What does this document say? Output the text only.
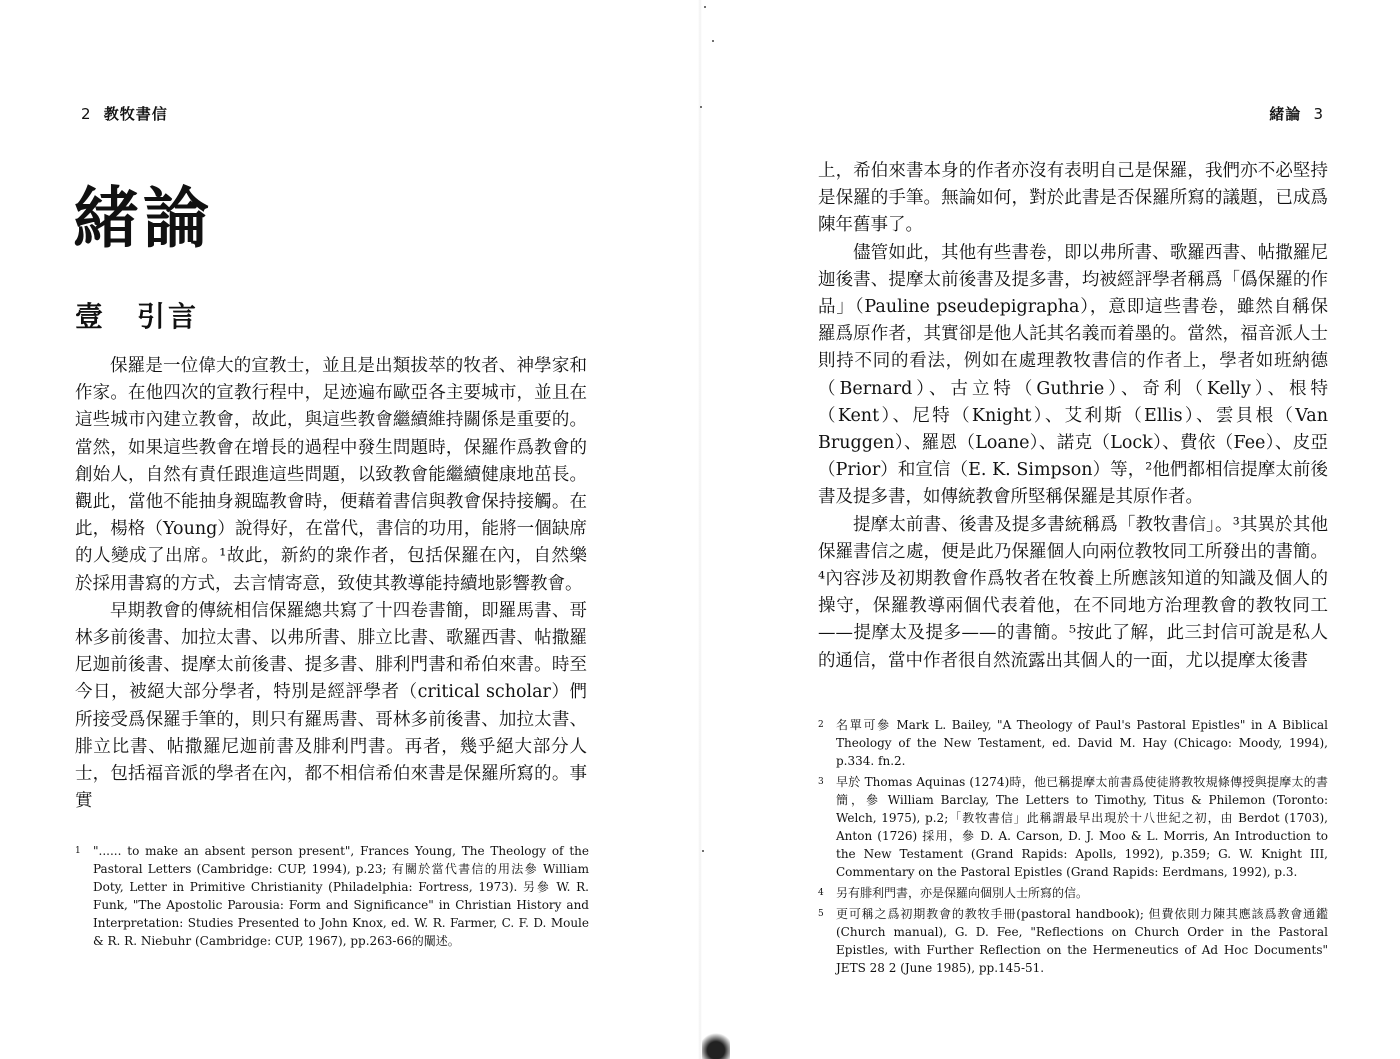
2 教牧書信
緒論
壹　引言

保羅是一位偉大的宣教士，並且是出類拔萃的牧者、神學家和作家。在他四次的宣教行程中，足迹遍布歐亞各主要城市，並且在這些城市內建立教會，故此，與這些教會繼續維持關係是重要的。當然，如果這些教會在增長的過程中發生問題時，保羅作爲教會的創始人，自然有責任跟進這些問題，以致教會能繼續健康地茁長。觀此，當他不能抽身親臨教會時，便藉着書信與教會保持接觸。在此，楊格（Young）說得好，在當代，書信的功用，能將一個缺席的人變成了出席。¹故此，新約的衆作者，包括保羅在內，自然樂於採用書寫的方式，去言情寄意，致使其教導能持續地影響教會。

早期教會的傳統相信保羅總共寫了十四卷書簡，即羅馬書、哥林多前後書、加拉太書、以弗所書、腓立比書、歌羅西書、帖撒羅尼迦前後書、提摩太前後書、提多書、腓利門書和希伯來書。時至今日，被絕大部分學者，特別是經評學者（critical scholar）們所接受爲保羅手筆的，則只有羅馬書、哥林多前後書、加拉太書、腓立比書、帖撒羅尼迦前書及腓利門書。再者，幾乎絕大部分人士，包括福音派的學者在內，都不相信希伯來書是保羅所寫的。事實

1 "...... to make an absent person present", Frances Young, The Theology of the Pastoral Letters (Cambridge: CUP, 1994), p.23; 有關於當代書信的用法參 William Doty, Letter in Primitive Christianity (Philadelphia: Fortress, 1973). 另參 W. R. Funk, "The Apostolic Parousia: Form and Significance" in Christian History and Interpretation: Studies Presented to John Knox, ed. W. R. Farmer, C. F. D. Moule & R. R. Niebuhr (Cambridge: CUP, 1967), pp.263-66的闡述。
緒論 3

上，希伯來書本身的作者亦沒有表明自己是保羅，我們亦不必堅持是保羅的手筆。無論如何，對於此書是否保羅所寫的議題，已成爲陳年舊事了。

儘管如此，其他有些書卷，即以弗所書、歌羅西書、帖撒羅尼迦後書、提摩太前後書及提多書，均被經評學者稱爲「僞保羅的作品」（Pauline pseudepigrapha），意即這些書卷，雖然自稱保羅爲原作者，其實卻是他人託其名義而着墨的。當然，福音派人士則持不同的看法，例如在處理教牧書信的作者上，學者如班納德（Bernard）、古立特（Guthrie）、奇利（Kelly）、根特（Kent）、尼特（Knight）、艾利斯（Ellis）、雲貝根（Van Bruggen）、羅恩（Loane）、諾克（Lock）、費依（Fee）、皮亞（Prior）和宣信（E. K. Simpson）等，²他們都相信提摩太前後書及提多書，如傳統教會所堅稱保羅是其原作者。

提摩太前書、後書及提多書統稱爲「教牧書信」。³其異於其他保羅書信之處，便是此乃保羅個人向兩位教牧同工所發出的書簡。⁴內容涉及初期教會作爲牧者在牧養上所應該知道的知識及個人的操守，保羅教導兩個代表着他，在不同地方治理教會的教牧同工——提摩太及提多——的書簡。⁵按此了解，此三封信可說是私人的通信，當中作者很自然流露出其個人的一面，尤以提摩太後書

2 名單可參 Mark L. Bailey, "A Theology of Paul's Pastoral Epistles" in A Biblical Theology of the New Testament, ed. David M. Hay (Chicago: Moody, 1994), p.334. fn.2.
3 早於 Thomas Aquinas (1274)時，他已稱提摩太前書爲使徒將教牧規條傳授與提摩太的書簡，參 William Barclay, The Letters to Timothy, Titus & Philemon (Toronto: Welch, 1975), p.2;「教牧書信」此稱謂最早出現於十八世紀之初，由 Berdot (1703), Anton (1726) 採用，參 D. A. Carson, D. J. Moo & L. Morris, An Introduction to the New Testament (Grand Rapids: Apolls, 1992), p.359; G. W. Knight III, Commentary on the Pastoral Epistles (Grand Rapids: Eerdmans, 1992), p.3.
4 另有腓利門書，亦是保羅向個別人士所寫的信。
5 更可稱之爲初期教會的教牧手冊(pastoral handbook); 但費依則力陳其應該爲教會通鑑(Church manual), G. D. Fee, "Reflections on Church Order in the Pastoral Epistles, with Further Reflection on the Hermeneutics of Ad Hoc Documents" JETS 28 2 (June 1985), pp.145-51.
